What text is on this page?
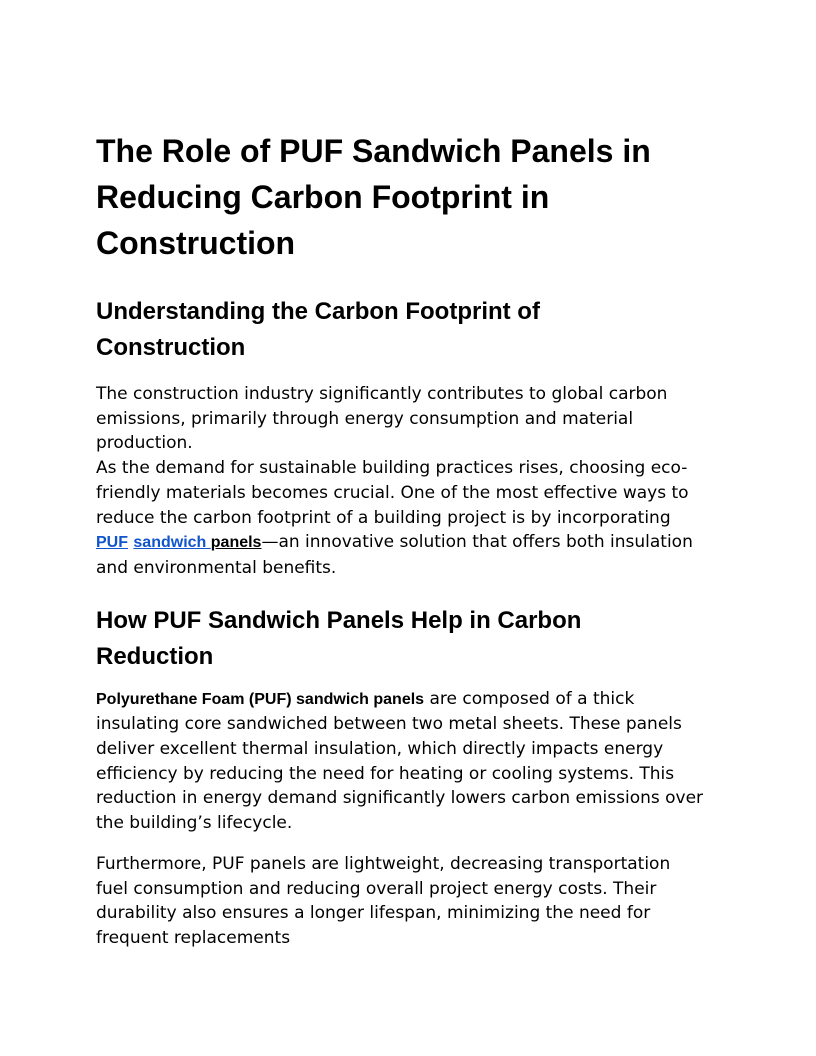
The Role of PUF Sandwich Panels in Reducing Carbon Footprint in Construction
Understanding the Carbon Footprint of Construction

The construction industry significantly contributes to global carbon emissions, primarily through energy consumption and material production.
As the demand for sustainable building practices rises, choosing eco-friendly materials becomes crucial. One of the most effective ways to reduce the carbon footprint of a building project is by incorporating PUF sandwich panels—an innovative solution that offers both insulation and environmental benefits.

How PUF Sandwich Panels Help in Carbon Reduction

Polyurethane Foam (PUF) sandwich panels are composed of a thick insulating core sandwiched between two metal sheets. These panels deliver excellent thermal insulation, which directly impacts energy efficiency by reducing the need for heating or cooling systems. This reduction in energy demand significantly lowers carbon emissions over the building’s lifecycle.

Furthermore, PUF panels are lightweight, decreasing transportation fuel consumption and reducing overall project energy costs. Their durability also ensures a longer lifespan, minimizing the need for frequent replacements
